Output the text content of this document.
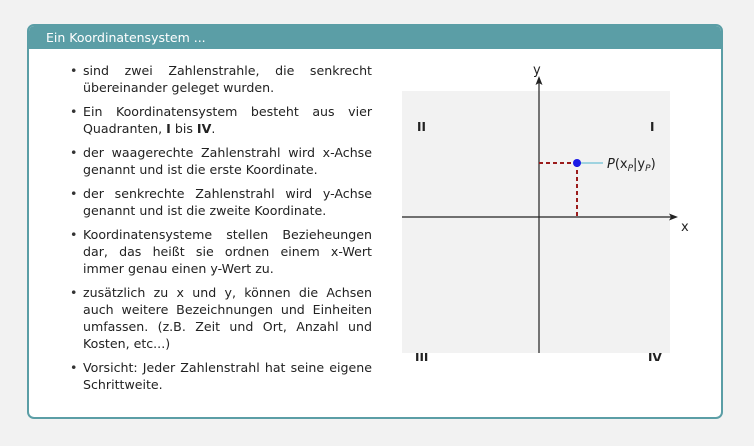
Ein Koordinatensystem ...
• sind zwei Zahlenstrahle, die senkrecht übereinander geleget wurden.
• Ein Koordinatensystem besteht aus vier Quadranten, I bis IV.
• der waagerechte Zahlenstrahl wird x-Achse genannt und ist die erste Koordinate.
• der senkrechte Zahlenstrahl wird y-Achse genannt und ist die zweite Koordinate.
• Koordinatensysteme stellen Bezieheungen dar, das heißt sie ordnen einem x-Wert immer genau einen y-Wert zu.
• zusätzlich zu x und y, können die Achsen auch weitere Bezeichnungen und Einheiten umfassen. (z.B. Zeit und Ort, Anzahl und Kosten, etc...)
• Vorsicht: Jeder Zahlenstrahl hat seine eigene Schrittweite.
x
y
II	I
III	IV
$P(x_P|y_P)$
